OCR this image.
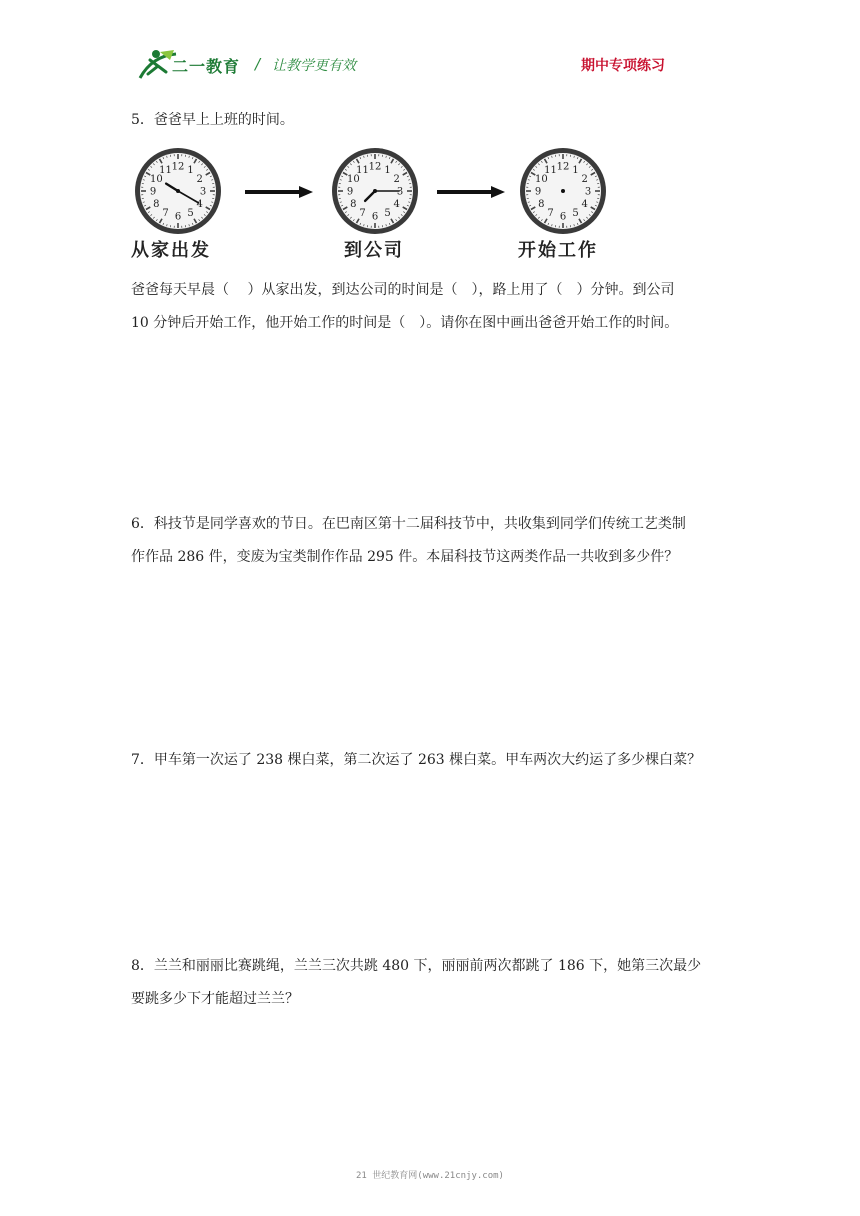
二一教育 / 让教学更有效	期中专项练习

5．爸爸早上上班的时间。

1
2
3
4
5
6
7
8
9
10
11 12
从家出发
1
2
3
4
5
6
7
8
9
10
11 12
到公司
1
2
3
4
5
6
7
8
9
10
11 12
开始工作

爸爸每天早晨（　 ）从家出发，到达公司的时间是（　），路上用了（　）分钟。到公司

10 分钟后开始工作，他开始工作的时间是（　）。请你在图中画出爸爸开始工作的时间。

6．科技节是同学喜欢的节日。在巴南区第十二届科技节中，共收集到同学们传统工艺类制

作作品 286 件，变废为宝类制作作品 295 件。本届科技节这两类作品一共收到多少件？

7．甲车第一次运了 238 棵白菜，第二次运了 263 棵白菜。甲车两次大约运了多少棵白菜？

8．兰兰和丽丽比赛跳绳，兰兰三次共跳 480 下，丽丽前两次都跳了 186 下，她第三次最少

要跳多少下才能超过兰兰？

21 世纪教育网(www.21cnjy.com)
